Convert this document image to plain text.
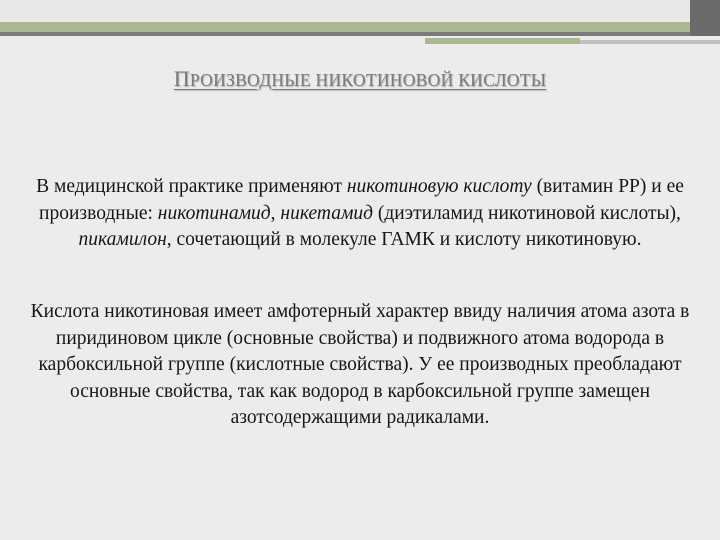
ПРОИЗВОДНЫЕ НИКОТИНОВОЙ КИСЛОТЫ
В медицинской практике применяют никотиновую кислоту (витамин РР) и ее производные: никотинамид, никетамид (диэтиламид никотиновой кислоты), пикамилон, сочетающий в молекуле ГАМК и кислоту никотиновую.
Кислота никотиновая имеет амфотерный характер ввиду наличия атома азота в пиридиновом цикле (основные свойства) и подвижного атома водорода в карбоксильной группе (кислотные свойства). У ее производных преобладают основные свойства, так как водород в карбоксильной группе замещен азотсодержащими радикалами.
